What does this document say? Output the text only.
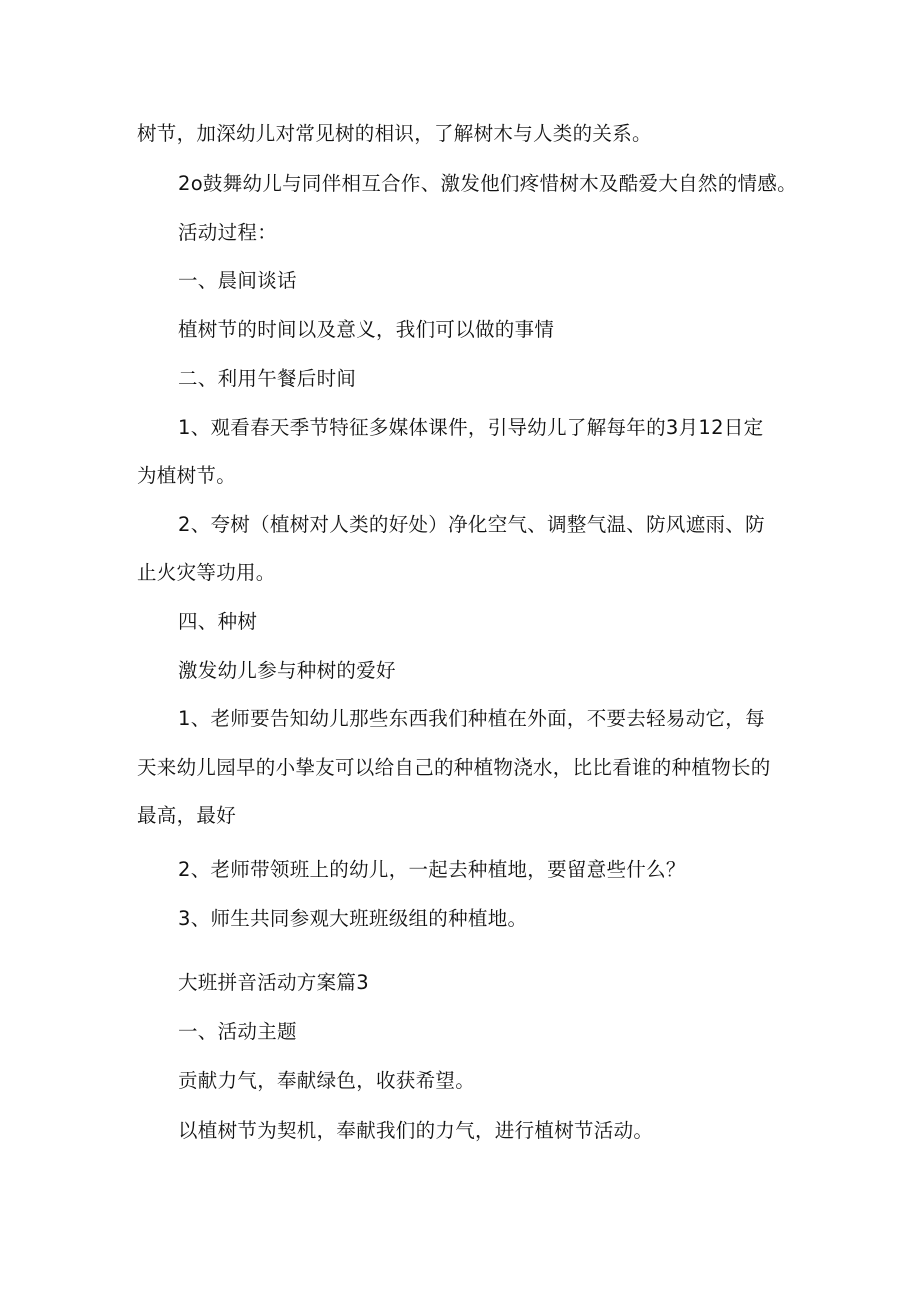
树节，加深幼儿对常见树的相识，了解树木与人类的关系。
2o鼓舞幼儿与同伴相互合作、激发他们疼惜树木及酷爱大自然的情感。
活动过程：
一、晨间谈话
植树节的时间以及意义，我们可以做的事情
二、利用午餐后时间
1、观看春天季节特征多媒体课件，引导幼儿了解每年的3月12日定
为植树节。
2、夸树（植树对人类的好处）净化空气、调整气温、防风遮雨、防
止火灾等功用。
四、种树
激发幼儿参与种树的爱好
1、老师要告知幼儿那些东西我们种植在外面，不要去轻易动它，每
天来幼儿园早的小挚友可以给自己的种植物浇水，比比看谁的种植物长的
最高，最好
2、老师带领班上的幼儿，一起去种植地，要留意些什么？
3、师生共同参观大班班级组的种植地。
大班拼音活动方案篇3
一、活动主题
贡献力气，奉献绿色，收获希望。
以植树节为契机，奉献我们的力气，进行植树节活动。
